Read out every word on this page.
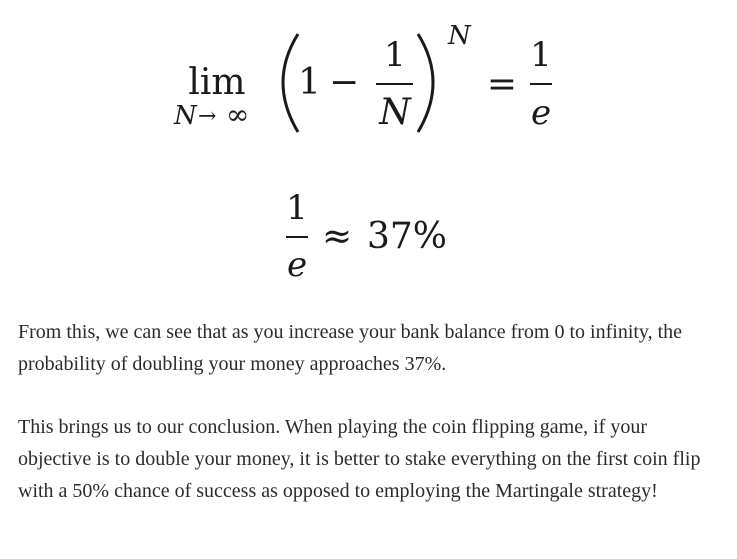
lim
N → ∞
1 −
1
N
N
=
1
e
1
e
≈ 37%

From this, we can see that as you increase your bank balance from 0 to infinity, the probability of doubling your money approaches 37%.

This brings us to our conclusion. When playing the coin flipping game, if your objective is to double your money, it is better to stake everything on the first coin flip with a 50% chance of success as opposed to employing the Martingale strategy!
